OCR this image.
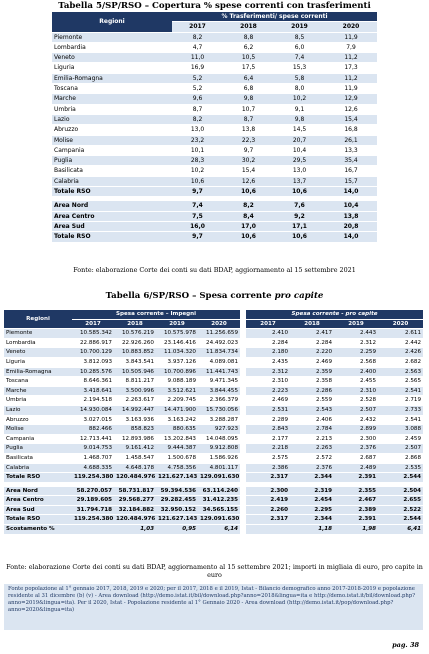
Tabella 5/SP/RSO – Copertura % spese correnti con trasferimenti
Regioni	% Trasferimenti/ spese correnti			
	2017	2018	2019	2020
Piemonte	8,2	8,8	8,5	11,9
Lombardia	4,7	6,2	6,0	7,9
Veneto	11,0	10,5	7,4	11,2
Liguria	16,9	17,5	15,3	17,3
Emilia-Romagna	5,2	6,4	5,8	11,2
Toscana	5,2	6,8	8,0	11,9
Marche	9,6	9,8	10,2	12,9
Umbria	8,7	10,7	9,1	12,6
Lazio	8,2	8,7	9,8	15,4
Abruzzo	13,0	13,8	14,5	16,8
Molise	23,2	22,3	20,7	26,1
Campania	10,1	9,7	10,4	13,3
Puglia	28,3	30,2	29,5	35,4
Basilicata	10,2	15,4	13,0	16,7
Calabria	10,6	12,6	13,7	15,7
Totale RSO	9,7	10,6	10,6	14,0

Area Nord	7,4	8,2	7,6	10,4
Area Centro	7,5	8,4	9,2	13,8
Area Sud	16,0	17,0	17,1	20,8
Totale RSO	9,7	10,6	10,6	14,0
Fonte: elaborazione Corte dei conti su dati BDAP, aggiornamento al 15 settembre 2021
Tabella 6/SP/RSO – Spesa corrente pro capite
Regioni	Spesa corrente – Impegni					Spesa corrente - pro capite			
	2017	2018	2019	2020		2017	2018	2019	2020
Piemonte	10.585.342	10.576.219	10.575.978	11.256.659		2.410	2.417	2.443	2.611
Lombardia	22.886.917	22.926.260	23.146.416	24.492.023		2.284	2.284	2.312	2.442
Veneto	10.700.129	10.883.852	11.034.320	11.834.734		2.180	2.220	2.259	2.426
Liguria	3.812.093	3.843.541	3.937.126	4.089.081		2.435	2.469	2.568	2.682
Emilia-Romagna	10.285.576	10.505.946	10.700.896	11.441.743		2.312	2.359	2.400	2.563
Toscana	8.646.361	8.811.217	9.088.189	9.471.345		2.310	2.358	2.455	2.565
Marche	3.418.641	3.500.996	3.512.621	3.844.455		2.223	2.286	2.310	2.541
Umbria	2.194.518	2.263.617	2.209.745	2.366.379		2.469	2.559	2.528	2.719
Lazio	14.930.084	14.992.447	14.471.900	15.730.056		2.531	2.543	2.507	2.733
Abruzzo	3.027.015	3.163.936	3.163.242	3.288.287		2.289	2.406	2.432	2.541
Molise	882.466	858.823	880.635	927.923		2.843	2.784	2.899	3.088
Campania	12.713.441	12.893.986	13.202.843	14.048.095		2.177	2.213	2.300	2.459
Puglia	9.014.753	9.161.412	9.444.387	9.912.808		2.218	2.263	2.376	2.507
Basilicata	1.468.707	1.458.547	1.500.678	1.586.926		2.575	2.572	2.687	2.868
Calabria	4.688.335	4.648.178	4.758.356	4.801.117		2.386	2.376	2.489	2.535
Totale RSO	119.254.380	120.484.976	121.627.143	129.091.630		2.317	2.344	2.391	2.544

Area Nord	58.270.057	58.731.817	59.394.536	63.114.240		2.300	2.319	2.355	2.504
Area Centro	29.189.605	29.568.277	29.282.455	31.412.235		2.419	2.454	2.467	2.655
Area Sud	31.794.718	32.184.882	32.950.152	34.565.155		2.260	2.295	2.389	2.522
Totale RSO	119.254.380	120.484.976	121.627.143	129.091.630		2.317	2.344	2.391	2.544
Scostamento %		1,03	0,95	6,14			1,18	1,98	6,41
Fonte: elaborazione Corte dei conti su dati BDAP, aggiornamento al 15 settembre 2021; importi in migliaia di euro, pro capite in euro
Fonte popolazione al 1° gennaio 2017, 2018, 2019 e 2020; per il 2017, 2018 e il 2019, Istat - Bilancio demografico anno 2017-2018-2019 e popolazione residente al 31 dicembre (b) (v) - Area download (http://demo.istat.it/bil/download.php?anno=2018&lingua=ita e http://demo.istat.it/bil/download.php?anno=2019&lingua=ita). Per il 2020, Istat - Popolazione residente al 1° Gennaio 2020 - Area download (http://demo.istat.it/pop/download.php?anno=2020&lingua=ita)
pag. 38
